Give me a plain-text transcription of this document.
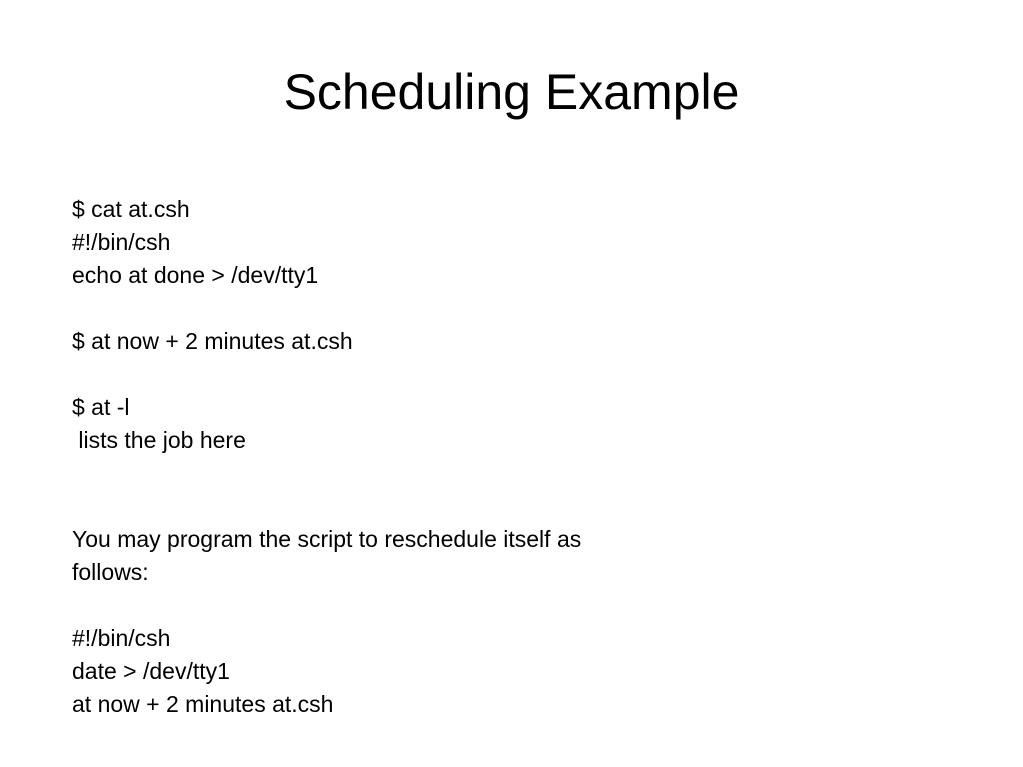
Scheduling Example
$ cat at.csh
#!/bin/csh
echo at done > /dev/tty1
$ at now + 2 minutes at.csh
$ at -l
lists the job here
You may program the script to reschedule itself as
follows:
#!/bin/csh
date > /dev/tty1
at now + 2 minutes at.csh
